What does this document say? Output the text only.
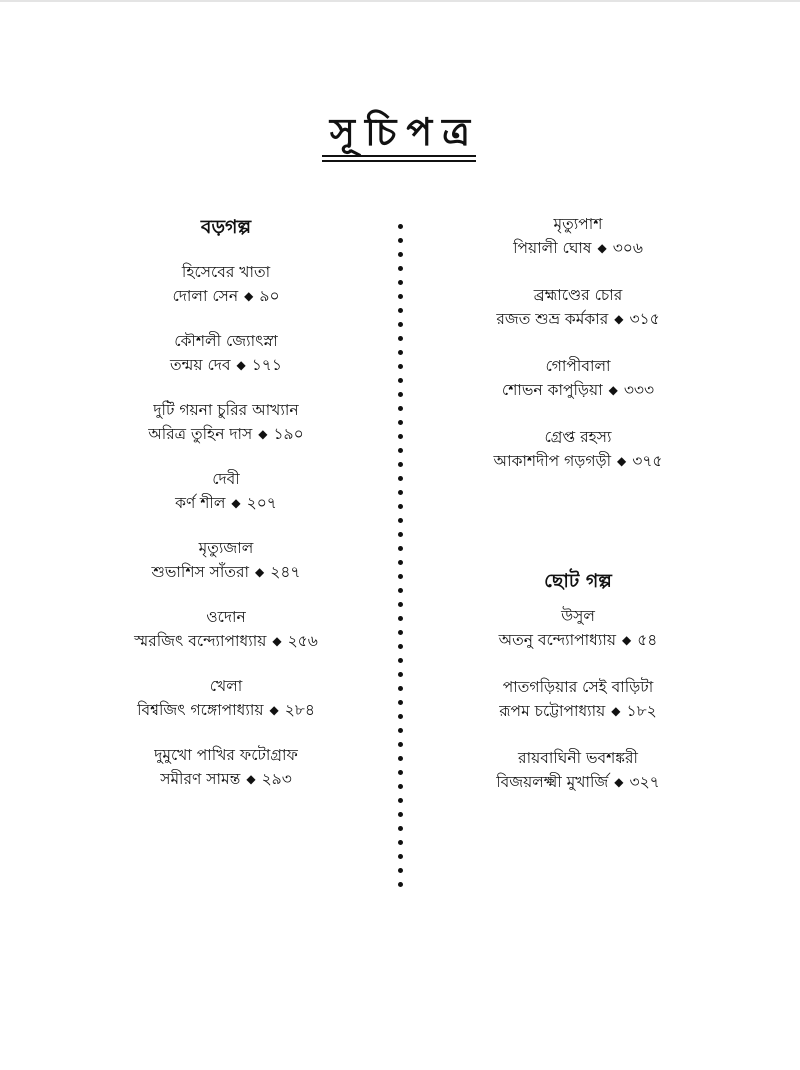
সূচিপত্র
বড়গল্প
হিসেবের খাতা
দোলা সেন ◆ ৯০
কৌশলী জ্যোৎস্না
তন্ময় দেব ◆ ১৭১
দুটি গয়না চুরির আখ্যান
অরিত্র তুহিন দাস ◆ ১৯০
দেবী
কর্ণ শীল ◆ ২০৭
মৃত্যুজাল
শুভাশিস সাঁতরা ◆ ২৪৭
ওদোন
স্মরজিৎ বন্দ্যোপাধ্যায় ◆ ২৫৬
খেলা
বিশ্বজিৎ গঙ্গোপাধ্যায় ◆ ২৮৪
দুমুখো পাখির ফটোগ্রাফ
সমীরণ সামন্ত ◆ ২৯৩
মৃত্যুপাশ
পিয়ালী ঘোষ ◆ ৩০৬
ব্রহ্মাণ্ডের চোর
রজত শুভ্র কর্মকার ◆ ৩১৫
গোপীবালা
শোভন কাপুড়িয়া ◆ ৩৩৩
গ্রেপ্ত রহস্য
আকাশদীপ গড়গড়ী ◆ ৩৭৫
ছোট গল্প
উসুল
অতনু বন্দ্যোপাধ্যায় ◆ ৫৪
পাতগড়িয়ার সেই বাড়িটা
রূপম চট্টোপাধ্যায় ◆ ১৮২
রায়বাঘিনী ভবশঙ্করী
বিজয়লক্ষ্মী মুখার্জি ◆ ৩২৭
